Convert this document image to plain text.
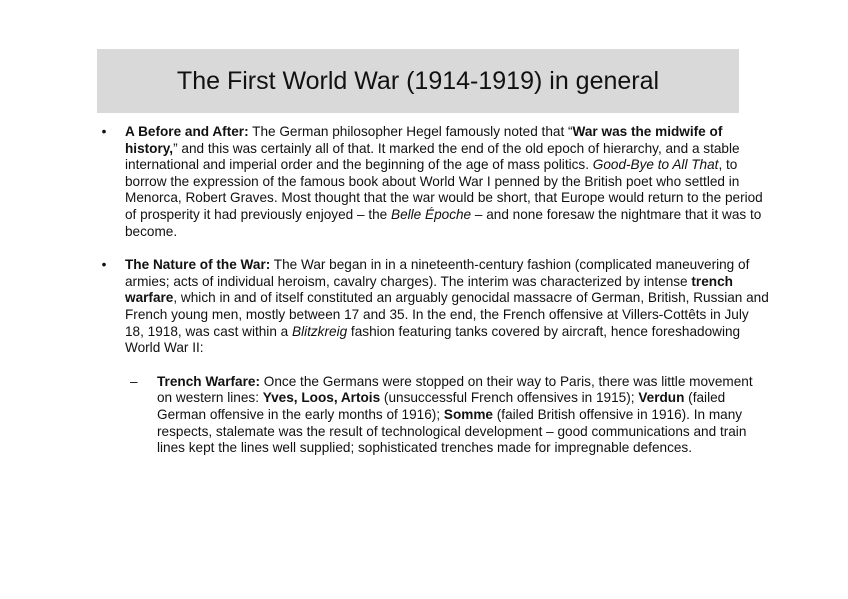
The First World War (1914-1919) in general
•	A Before and After: The German philosopher Hegel famously noted that “War was the midwife of history,” and this was certainly all of that. It marked the end of the old epoch of hierarchy, and a stable international and imperial order and the beginning of the age of mass politics. Good-Bye to All That, to borrow the expression of the famous book about World War I penned by the British poet who settled in Menorca, Robert Graves. Most thought that the war would be short, that Europe would return to the period of prosperity it had previously enjoyed – the Belle Époche – and none foresaw the nightmare that it was to become.

•	The Nature of the War: The War began in in a nineteenth-century fashion (complicated maneuvering of armies; acts of individual heroism, cavalry charges). The interim was characterized by intense trench warfare, which in and of itself constituted an arguably genocidal massacre of German, British, Russian and French young men, mostly between 17 and 35. In the end, the French offensive at Villers-Cottêts in July 18, 1918, was cast within a Blitzkreig fashion featuring tanks covered by aircraft, hence foreshadowing World War II:

– Trench Warfare: Once the Germans were stopped on their way to Paris, there was little movement on western lines: Yves, Loos, Artois (unsuccessful French offensives in 1915); Verdun (failed German offensive in the early months of 1916); Somme (failed British offensive in 1916). In many respects, stalemate was the result of technological development – good communications and train lines kept the lines well supplied; sophisticated trenches made for impregnable defences.
